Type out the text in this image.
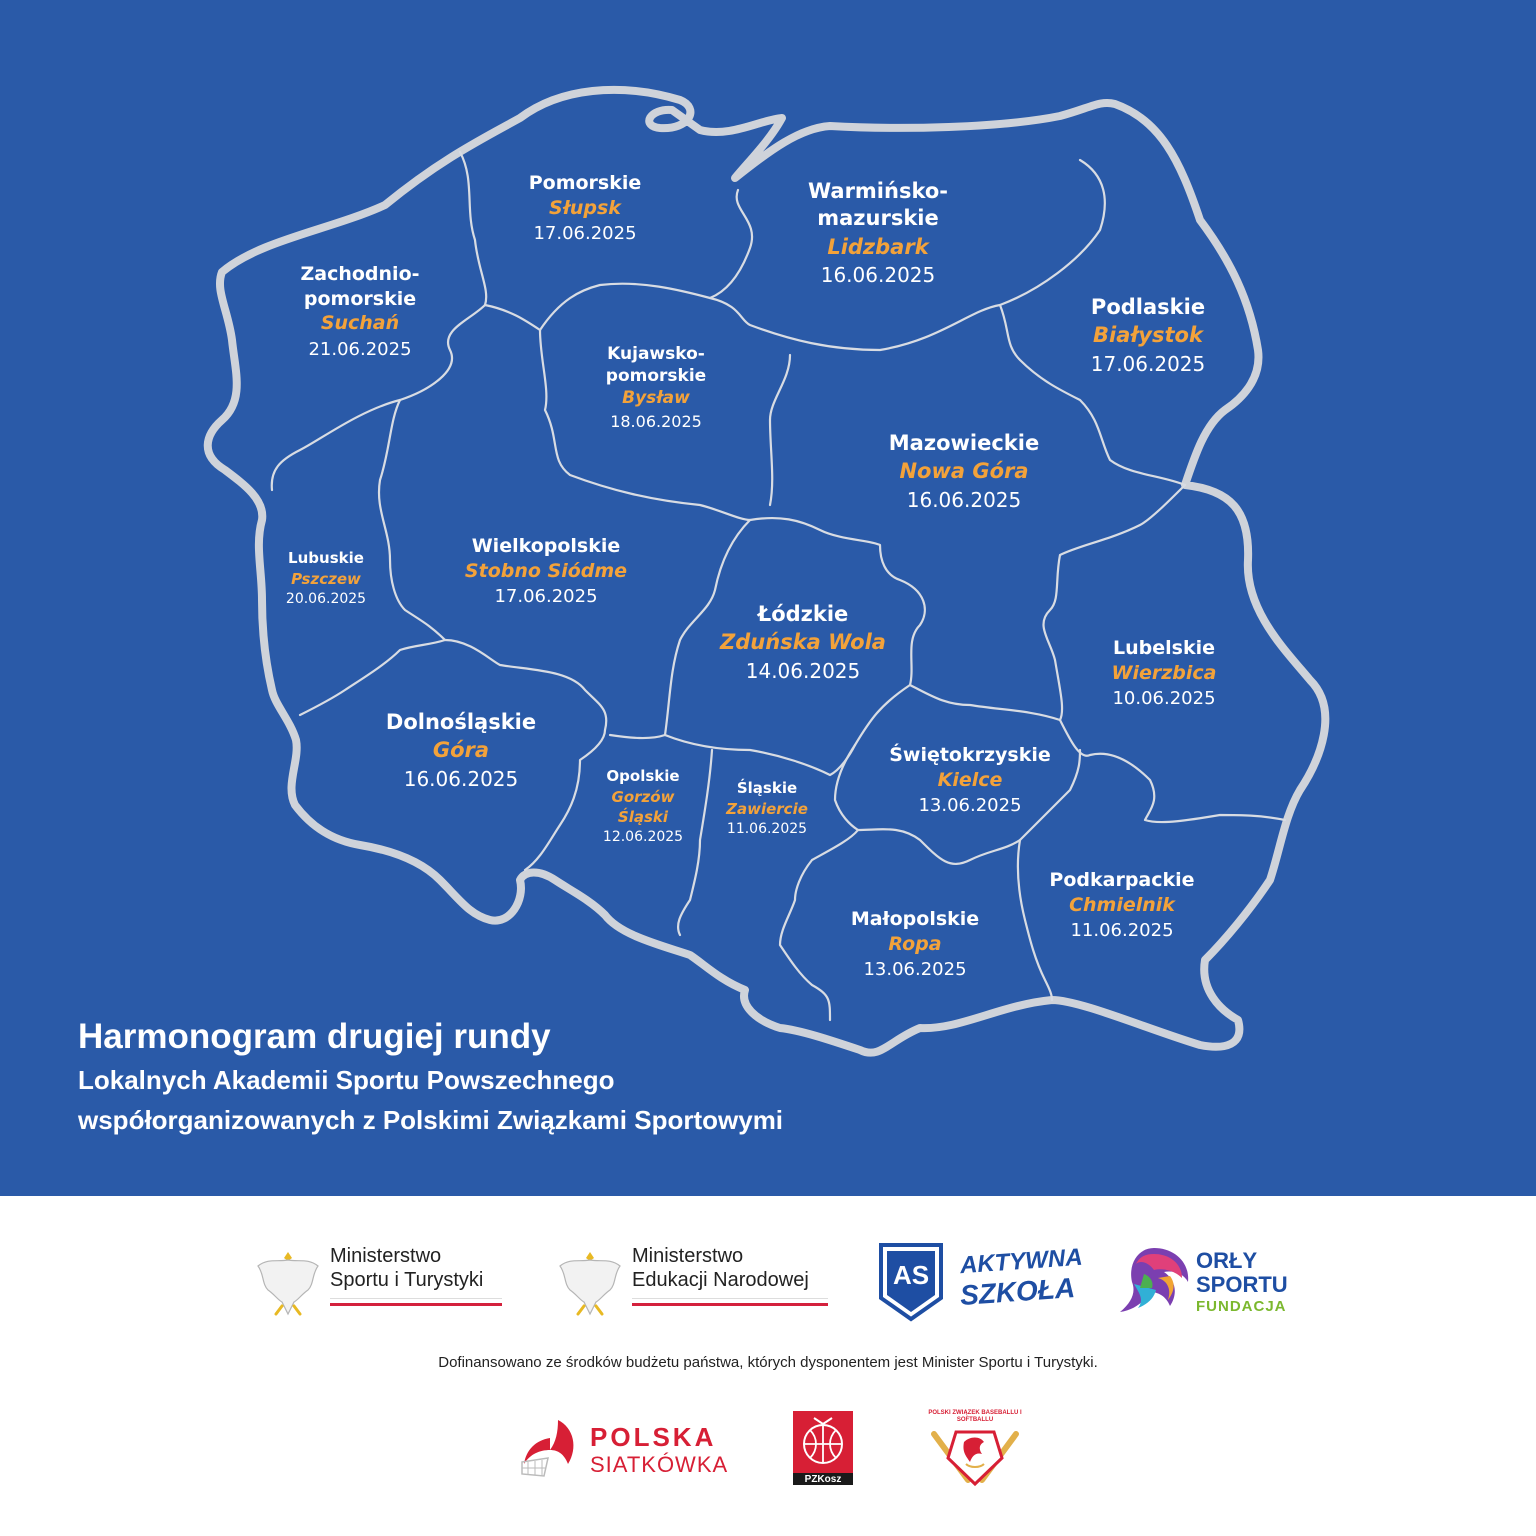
Zachodnio-
pomorskie
Suchań
21.06.2025
Pomorskie
Słupsk
17.06.2025
Warmińsko-
mazurskie
Lidzbark
16.06.2025
Podlaskie
Białystok
17.06.2025
Kujawsko-
pomorskie
Bysław
18.06.2025
Mazowieckie
Nowa Góra
16.06.2025
Lubuskie
Pszczew
20.06.2025
Wielkopolskie
Stobno Siódme
17.06.2025
Łódzkie
Zduńska Wola
14.06.2025
Lubelskie
Wierzbica
10.06.2025
Dolnośląskie
Góra
16.06.2025	Opolskie
Gorzów
Śląski
12.06.2025
Śląskie
Zawiercie
11.06.2025
Świętokrzyskie
Kielce
13.06.2025
Podkarpackie
Chmielnik
11.06.2025
Małopolskie
Ropa
13.06.2025
Harmonogram drugiej rundy
Lokalnych Akademii Sportu Powszechnego
współorganizowanych z Polskimi Związkami Sportowymi
Ministerstwo
Sportu i Turystyki
Ministerstwo
Edukacji Narodowej	AS AKTYWNA
SZKOŁA
ORŁY
SPORTU
FUNDACJA
Dofinansowano ze środków budżetu państwa, których dysponentem jest Minister Sportu i Turystyki.
POLSKA
SIATKÓWKA
PZKosz
POLSKI ZWIĄZEK BASEBALLU I SOFTBALLU
